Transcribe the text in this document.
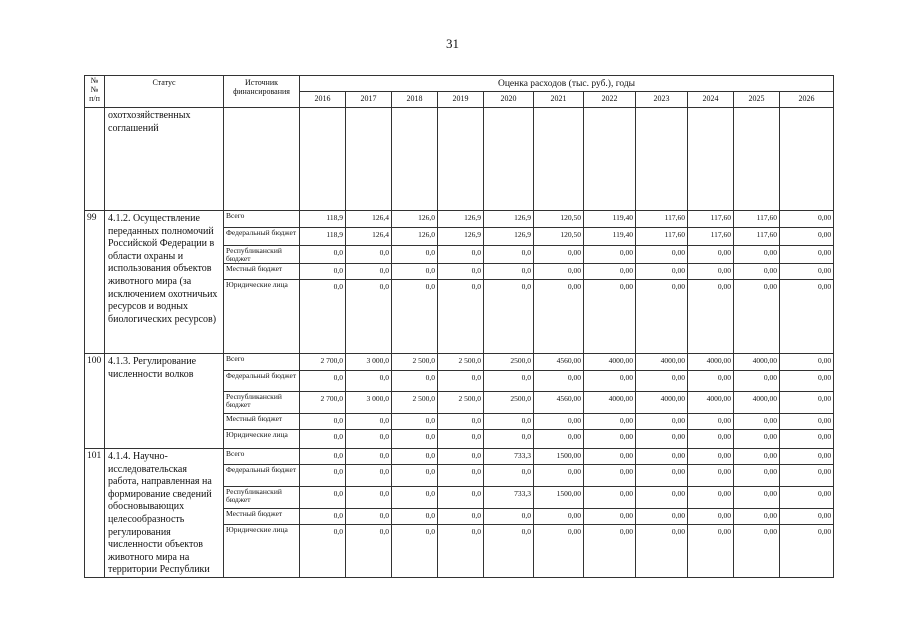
31
№
№
п/п	Статус	Источник
финансирования	Оценка расходов (тыс. руб.), годы										
			2016	2017	2018	2019	2020	2021	2022	2023	2024	2025	2026
	охотхозяйственных
соглашений												
99	4.1.2. Осуществление переданных полномочий Российской Федерации в области охраны и использования объектов животного мира (за исключением охотничьих ресурсов и водных биологических ресурсов)	Всего	118,9	126,4	126,0	126,9	126,9	120,50	119,40	117,60	117,60	117,60	0,00
		Федеральный бюджет	118,9	126,4	126,0	126,9	126,9	120,50	119,40	117,60	117,60	117,60	0,00
		Республиканский бюджет	0,0	0,0	0,0	0,0	0,0	0,00	0,00	0,00	0,00	0,00	0,00
		Местный бюджет	0,0	0,0	0,0	0,0	0,0	0,00	0,00	0,00	0,00	0,00	0,00
		Юридические лица	0,0	0,0	0,0	0,0	0,0	0,00	0,00	0,00	0,00	0,00	0,00
100	4.1.3. Регулирование численности волков	Всего	2 700,0	3 000,0	2 500,0	2 500,0	2500,0	4560,00	4000,00	4000,00	4000,00	4000,00	0,00
		Федеральный бюджет	0,0	0,0	0,0	0,0	0,0	0,00	0,00	0,00	0,00	0,00	0,00
		Республиканский бюджет	2 700,0	3 000,0	2 500,0	2 500,0	2500,0	4560,00	4000,00	4000,00	4000,00	4000,00	0,00
		Местный бюджет	0,0	0,0	0,0	0,0	0,0	0,00	0,00	0,00	0,00	0,00	0,00
		Юридические лица	0,0	0,0	0,0	0,0	0,0	0,00	0,00	0,00	0,00	0,00	0,00
101	4.1.4. Научно-исследовательская работа, направленная на формирование сведений обосновывающих целесообразность регулирования численности объектов животного мира на территории Республики	Всего	0,0	0,0	0,0	0,0	733,3	1500,00	0,00	0,00	0,00	0,00	0,00
		Федеральный бюджет	0,0	0,0	0,0	0,0	0,0	0,00	0,00	0,00	0,00	0,00	0,00
		Республиканский бюджет	0,0	0,0	0,0	0,0	733,3	1500,00	0,00	0,00	0,00	0,00	0,00
		Местный бюджет	0,0	0,0	0,0	0,0	0,0	0,00	0,00	0,00	0,00	0,00	0,00
		Юридические лица	0,0	0,0	0,0	0,0	0,0	0,00	0,00	0,00	0,00	0,00	0,00
